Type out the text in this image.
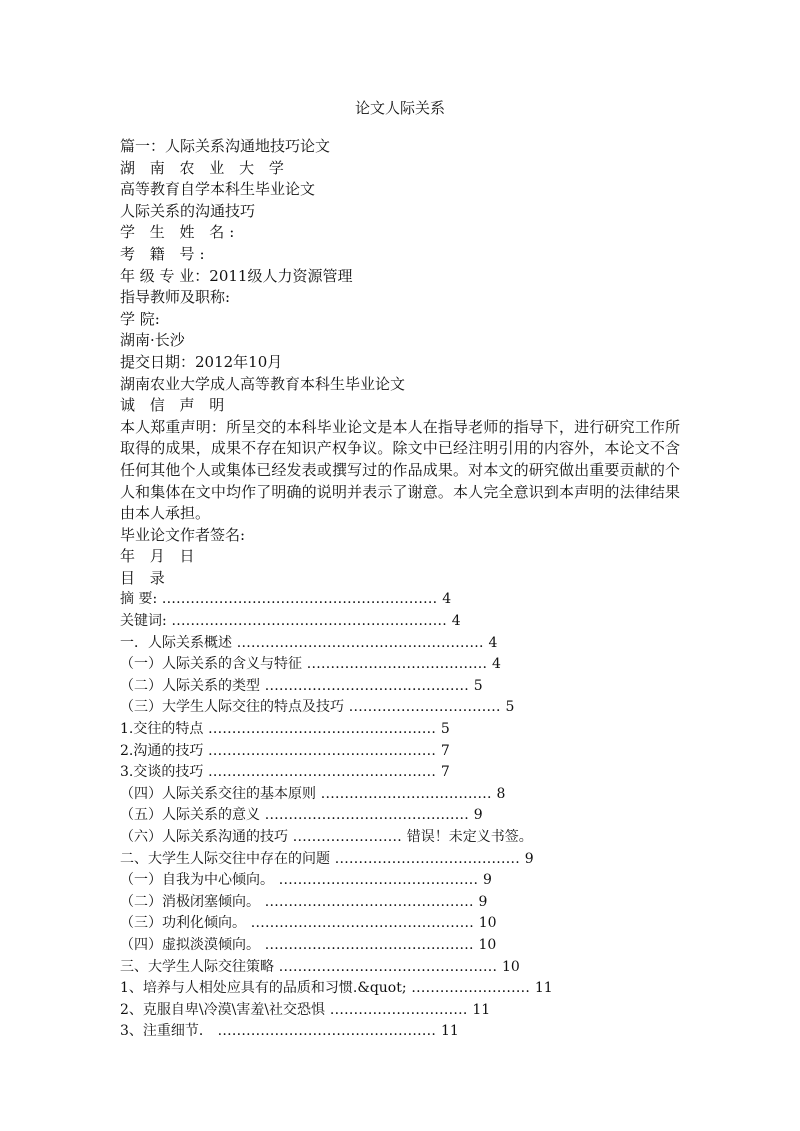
论文人际关系
篇一：人际关系沟通地技巧论文
湖 南 农 业 大 学
高等教育自学本科生毕业论文
人际关系的沟通技巧
学 生 姓 名:
考 籍 号:
年 级 专 业：2011级人力资源管理
指导教师及职称:
学 院:
湖南·长沙
提交日期：2012年10月
湖南农业大学成人高等教育本科生毕业论文
诚 信 声 明
本人郑重声明：所呈交的本科毕业论文是本人在指导老师的指导下，进行研究工作所取得的成果，成果不存在知识产权争议。除文中已经注明引用的内容外，本论文不含任何其他个人或集体已经发表或撰写过的作品成果。对本文的研究做出重要贡献的个人和集体在文中均作了明确的说明并表示了谢意。本人完全意识到本声明的法律结果由本人承担。
毕业论文作者签名:
年 月 日
目 录
摘 要: .......................................................... 4
关键词: .......................................................... 4
一．人际关系概述 .................................................... 4
（一）人际关系的含义与特征 ...................................... 4
（二）人际关系的类型 ........................................... 5
（三）大学生人际交往的特点及技巧 ................................ 5
1.交往的特点 ................................................ 5
2.沟通的技巧 ................................................ 7
3.交谈的技巧 ................................................ 7
（四）人际关系交往的基本原则 .................................... 8
（五）人际关系的意义 ........................................... 9
（六）人际关系沟通的技巧 ....................... 错误！未定义书签。
二、大学生人际交往中存在的问题 ....................................... 9
（一）自我为中心倾向。 .......................................... 9
（二）消极闭塞倾向。 ............................................ 9
（三）功利化倾向。 ............................................... 10
（四）虚拟淡漠倾向。 ............................................ 10
三、大学生人际交往策略 .............................................. 10
1、培养与人相处应具有的品质和习惯.&quot; ......................... 11
2、克服自卑\冷漠\害羞\社交恐惧 ............................. 11
3、注重细节． .............................................. 11
